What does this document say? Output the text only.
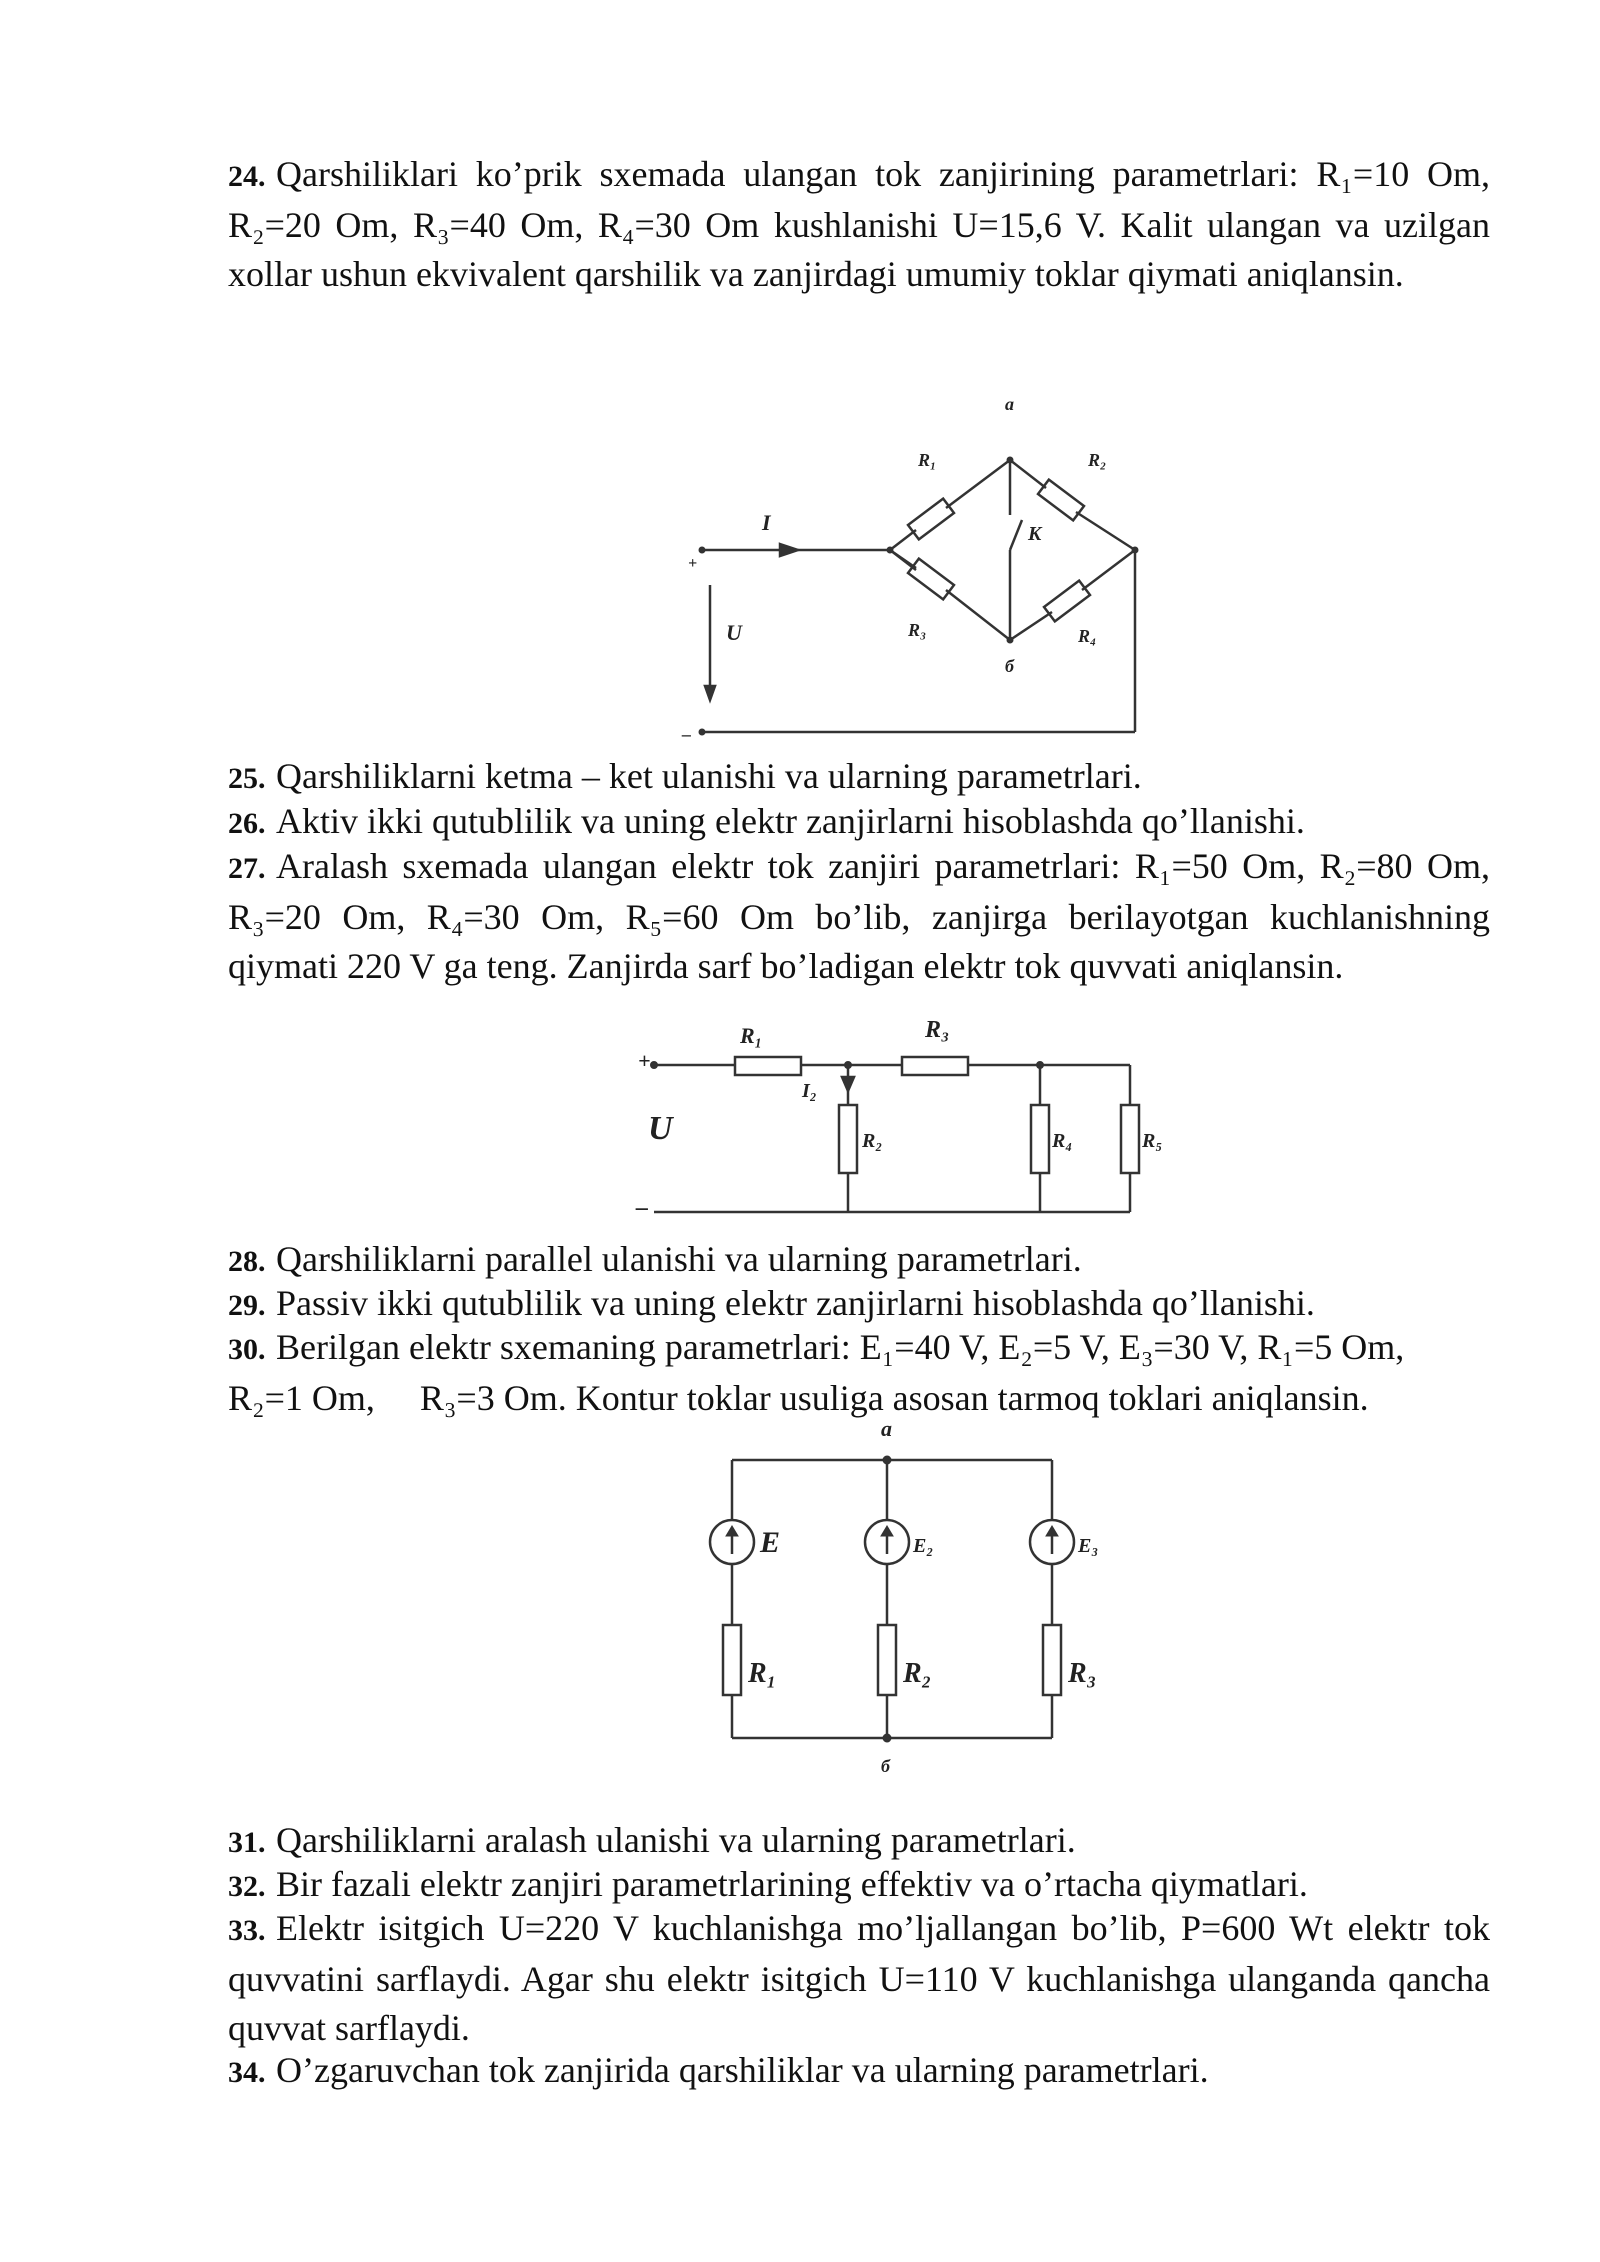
24. Qarshiliklari ko’prik sxemada ulangan tok zanjirining parametrlari: R₁=10 Om, R₂=20 Om, R₃=40 Om, R₄=30 Om kushlanishi U=15,6 V. Kalit ulangan va uzilgan xollar ushun ekvivalent qarshilik va zanjirdagi umumiy toklar qiymati aniqlansin.
a
б
R₁	R₂
R₃	R₄
K
I
U
+
–
25. Qarshiliklarni ketma – ket ulanishi va ularning parametrlari.
26. Aktiv ikki qutublilik va uning elektr zanjirlarni hisoblashda qo’llanishi.
27. Aralash sxemada ulangan elektr tok zanjiri parametrlari: R₁=50 Om, R₂=80 Om, R₃=20 Om, R₄=30 Om, R₅=60 Om bo’lib, zanjirga berilayotgan kuchlanishning qiymati 220 V ga teng. Zanjirda sarf bo’ladigan elektr tok quvvati aniqlansin.
R₁	R₃
R₂	R₄	R₅
I₂
U
+
–
28. Qarshiliklarni parallel ulanishi va ularning parametrlari.
29. Passiv ikki qutublilik va uning elektr zanjirlarni hisoblashda qo’llanishi.
30. Berilgan elektr sxemaning parametrlari: E₁=40 V, E₂=5 V, E₃=30 V, R₁=5 Om,
R₂=1 Om,     R₃=3 Om. Kontur toklar usuliga asosan tarmoq toklari aniqlansin.
a
б
E	E₂	E₃
R₁	R₂	R₃
31. Qarshiliklarni aralash ulanishi va ularning parametrlari.
32. Bir fazali elektr zanjiri parametrlarining effektiv va o’rtacha qiymatlari.
33. Elektr isitgich U=220 V kuchlanishga mo’ljallangan bo’lib, P=600 Wt elektr tok quvvatini sarflaydi. Agar shu elektr isitgich U=110 V kuchlanishga ulanganda qancha quvvat sarflaydi.
34. O’zgaruvchan tok zanjirida qarshiliklar va ularning parametrlari.
